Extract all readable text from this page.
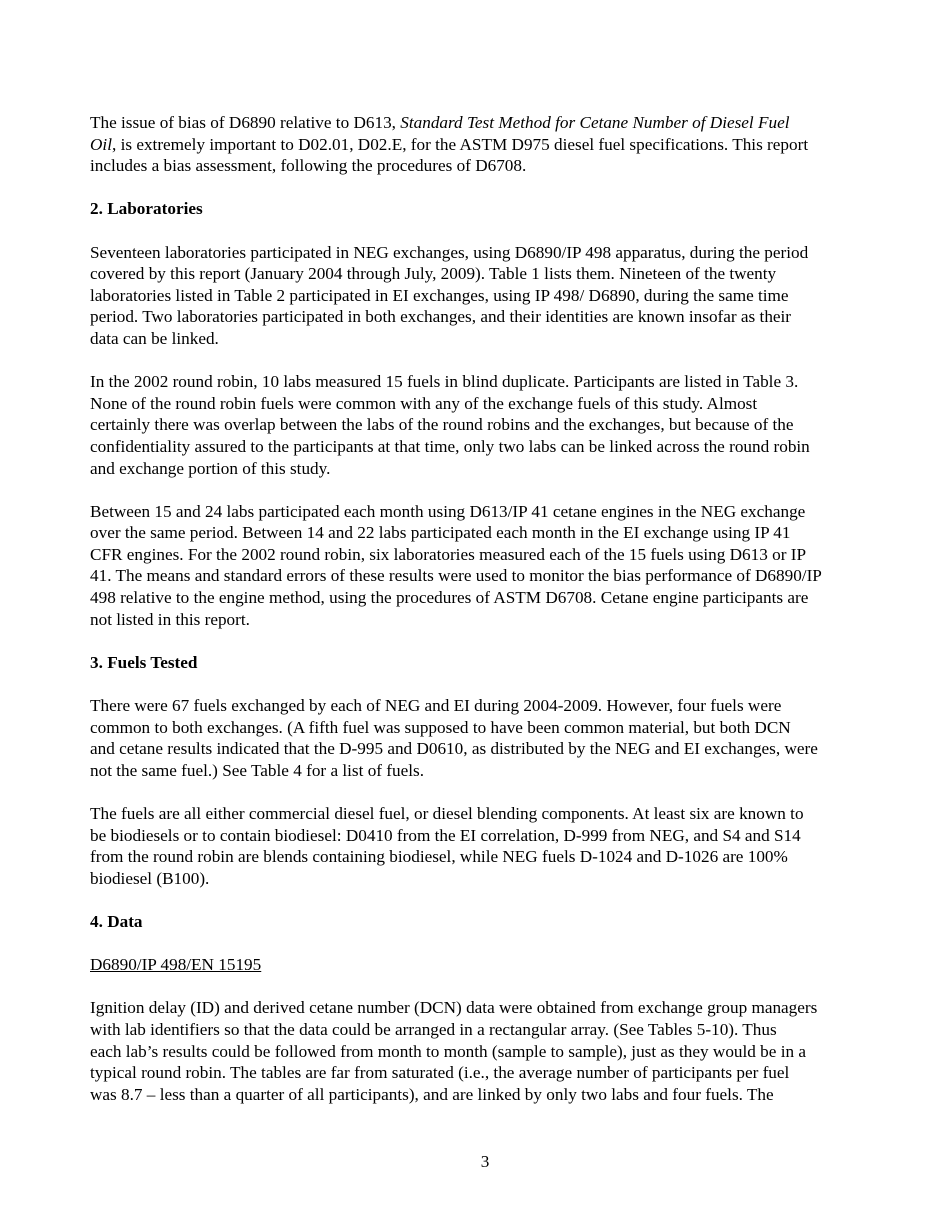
The issue of bias of D6890 relative to D613, Standard Test Method for Cetane Number of Diesel Fuel
Oil, is extremely important to D02.01, D02.E, for the ASTM D975 diesel fuel specifications. This report
includes a bias assessment, following the procedures of D6708.

2. Laboratories

Seventeen laboratories participated in NEG exchanges, using D6890/IP 498 apparatus, during the period
covered by this report (January 2004 through July, 2009). Table 1 lists them. Nineteen of the twenty
laboratories listed in Table 2 participated in EI exchanges, using IP 498/ D6890, during the same time
period. Two laboratories participated in both exchanges, and their identities are known insofar as their
data can be linked.

In the 2002 round robin, 10 labs measured 15 fuels in blind duplicate. Participants are listed in Table 3.
None of the round robin fuels were common with any of the exchange fuels of this study. Almost
certainly there was overlap between the labs of the round robins and the exchanges, but because of the
confidentiality assured to the participants at that time, only two labs can be linked across the round robin
and exchange portion of this study.

Between 15 and 24 labs participated each month using D613/IP 41 cetane engines in the NEG exchange
over the same period. Between 14 and 22 labs participated each month in the EI exchange using IP 41
CFR engines. For the 2002 round robin, six laboratories measured each of the 15 fuels using D613 or IP
41. The means and standard errors of these results were used to monitor the bias performance of D6890/IP
498 relative to the engine method, using the procedures of ASTM D6708. Cetane engine participants are
not listed in this report.

3. Fuels Tested

There were 67 fuels exchanged by each of NEG and EI during 2004-2009. However, four fuels were
common to both exchanges. (A fifth fuel was supposed to have been common material, but both DCN
and cetane results indicated that the D-995 and D0610, as distributed by the NEG and EI exchanges, were
not the same fuel.) See Table 4 for a list of fuels.

The fuels are all either commercial diesel fuel, or diesel blending components. At least six are known to
be biodiesels or to contain biodiesel: D0410 from the EI correlation, D-999 from NEG, and S4 and S14
from the round robin are blends containing biodiesel, while NEG fuels D-1024 and D-1026 are 100%
biodiesel (B100).

4. Data

D6890/IP 498/EN 15195

Ignition delay (ID) and derived cetane number (DCN) data were obtained from exchange group managers
with lab identifiers so that the data could be arranged in a rectangular array. (See Tables 5-10). Thus
each lab’s results could be followed from month to month (sample to sample), just as they would be in a
typical round robin. The tables are far from saturated (i.e., the average number of participants per fuel
was 8.7 – less than a quarter of all participants), and are linked by only two labs and four fuels. The

3
